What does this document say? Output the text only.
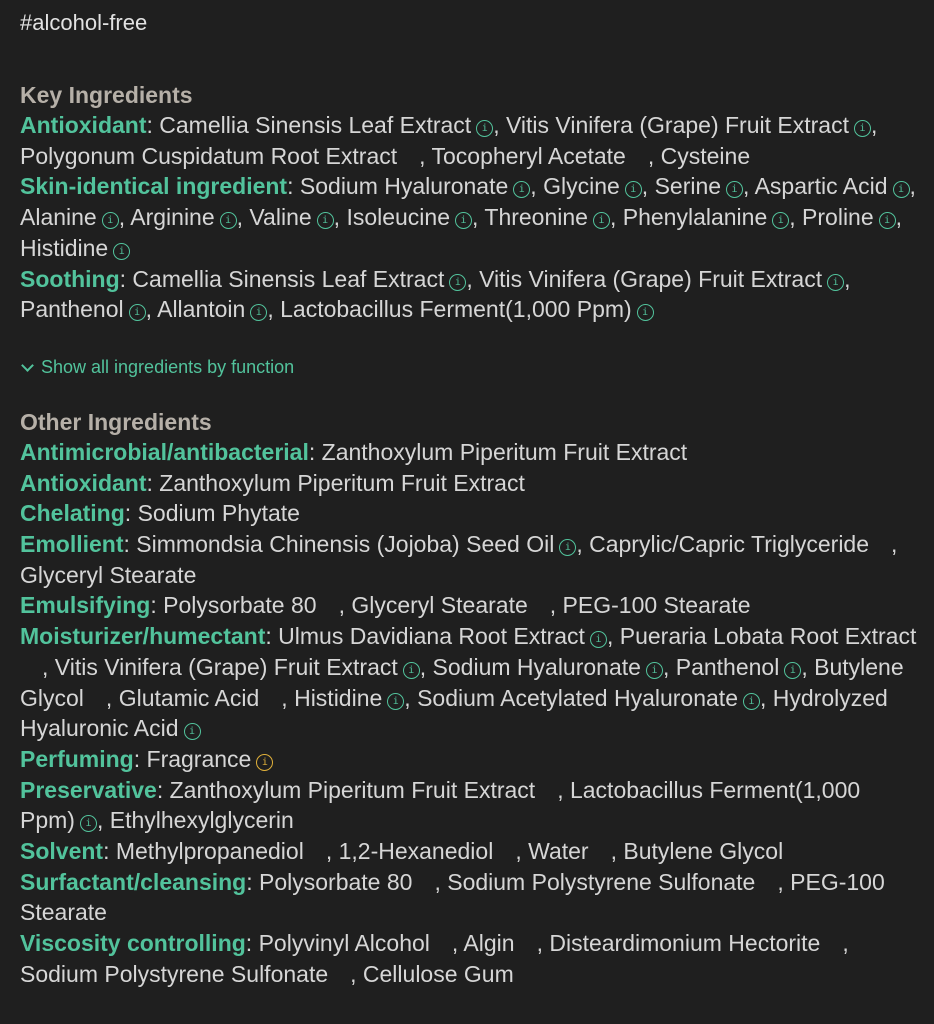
#alcohol-free
Key Ingredients
Antioxidant: Camellia Sinensis Leaf Extract i , Vitis Vinifera (Grape) Fruit Extract i , Polygonum Cuspidatum Root Extract , Tocopheryl Acetate , Cysteine
Skin-identical ingredient: Sodium Hyaluronate i , Glycine i , Serine i , Aspartic Acid i , Alanine i , Arginine i , Valine i , Isoleucine i , Threonine i , Phenylalanine i , Proline i , Histidine i
Soothing: Camellia Sinensis Leaf Extract i , Vitis Vinifera (Grape) Fruit Extract i , Panthenol i , Allantoin i , Lactobacillus Ferment(1,000 Ppm) i
Show all ingredients by function
Other Ingredients
Antimicrobial/antibacterial: Zanthoxylum Piperitum Fruit Extract
Antioxidant: Zanthoxylum Piperitum Fruit Extract
Chelating: Sodium Phytate
Emollient: Simmondsia Chinensis (Jojoba) Seed Oil i , Caprylic/Capric Triglyceride , Glyceryl Stearate
Emulsifying: Polysorbate 80 , Glyceryl Stearate , PEG-100 Stearate
Moisturizer/humectant: Ulmus Davidiana Root Extract i , Pueraria Lobata Root Extract, Vitis Vinifera (Grape) Fruit Extract i , Sodium Hyaluronate i , Panthenol i , Butylene Glycol , Glutamic Acid , Histidine i , Sodium Acetylated Hyaluronate i , Hydrolyzed Hyaluronic Acid i
Perfuming: Fragrance i
Preservative: Zanthoxylum Piperitum Fruit Extract , Lactobacillus Ferment(1,000 Ppm) i , Ethylhexylglycerin
Solvent: Methylpropanediol , 1,2-Hexanediol , Water , Butylene Glycol
Surfactant/cleansing: Polysorbate 80 , Sodium Polystyrene Sulfonate , PEG-100 Stearate
Viscosity controlling: Polyvinyl Alcohol , Algin , Disteardimonium Hectorite , Sodium Polystyrene Sulfonate , Cellulose Gum
